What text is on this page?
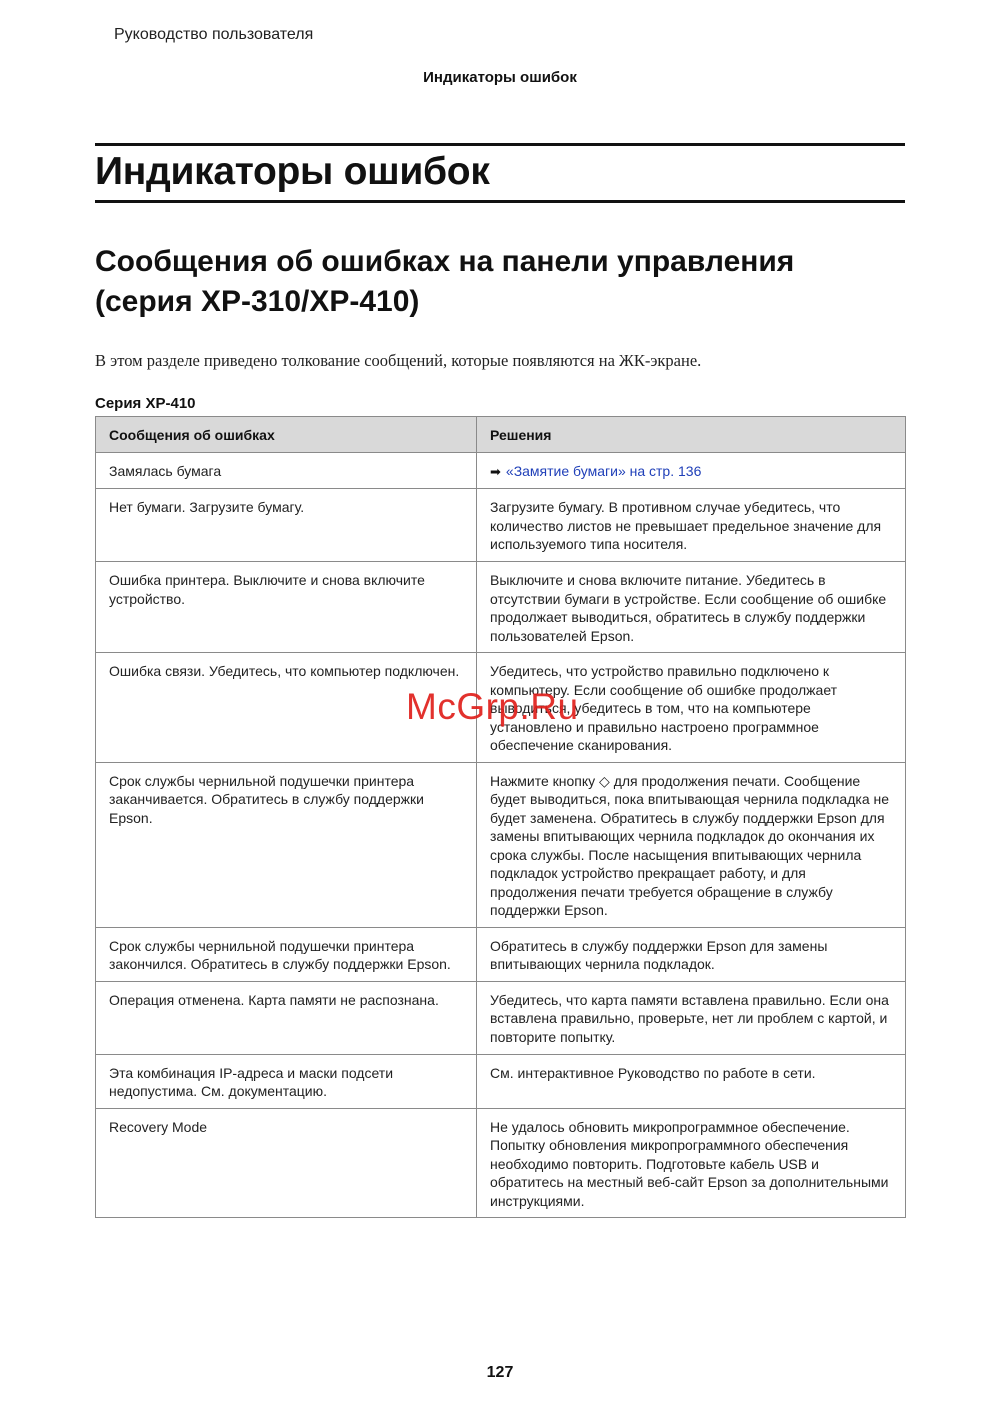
Руководство пользователя
Индикаторы ошибок
Индикаторы ошибок
Сообщения об ошибках на панели управления
(серия XP-310/XP-410)
В этом разделе приведено толкование сообщений, которые появляются на ЖК-экране.
Серия XP-410
Сообщения об ошибках	Решения
Замялась бумага	➡ «Замятие бумаги» на стр. 136
Нет бумаги. Загрузите бумагу.	Загрузите бумагу. В противном случае убедитесь, что количество листов не превышает предельное значение для используемого типа носителя.
Ошибка принтера. Выключите и снова включите устройство.	Выключите и снова включите питание. Убедитесь в отсутствии бумаги в устройстве. Если сообщение об ошибке продолжает выводиться, обратитесь в службу поддержки пользователей Epson.
Ошибка связи. Убедитесь, что компьютер подключен.	Убедитесь, что устройство правильно подключено к компьютеру. Если сообщение об ошибке продолжает выводиться, убедитесь в том, что на компьютере установлено и правильно настроено программное обеспечение сканирования.
Срок службы чернильной подушечки принтера заканчивается. Обратитесь в службу поддержки Epson.	Нажмите кнопку ◇ для продолжения печати. Сообщение будет выводиться, пока впитывающая чернила подкладка не будет заменена. Обратитесь в службу поддержки Epson для замены впитывающих чернила подкладок до окончания их срока службы. После насыщения впитывающих чернила подкладок устройство прекращает работу, и для продолжения печати требуется обращение в службу поддержки Epson.
Срок службы чернильной подушечки принтера закончился. Обратитесь в службу поддержки Epson.	Обратитесь в службу поддержки Epson для замены впитывающих чернила подкладок.
Операция отменена. Карта памяти не распознана.	Убедитесь, что карта памяти вставлена правильно. Если она вставлена правильно, проверьте, нет ли проблем с картой, и повторите попытку.
Эта комбинация IP-адреса и маски подсети недопустима. См. документацию.	См. интерактивное Руководство по работе в сети.
Recovery Mode	Не удалось обновить микропрограммное обеспечение. Попытку обновления микропрограммного обеспечения необходимо повторить. Подготовьте кабель USB и обратитесь на местный веб-сайт Epson за дополнительными инструкциями.
McGrp.Ru
127
